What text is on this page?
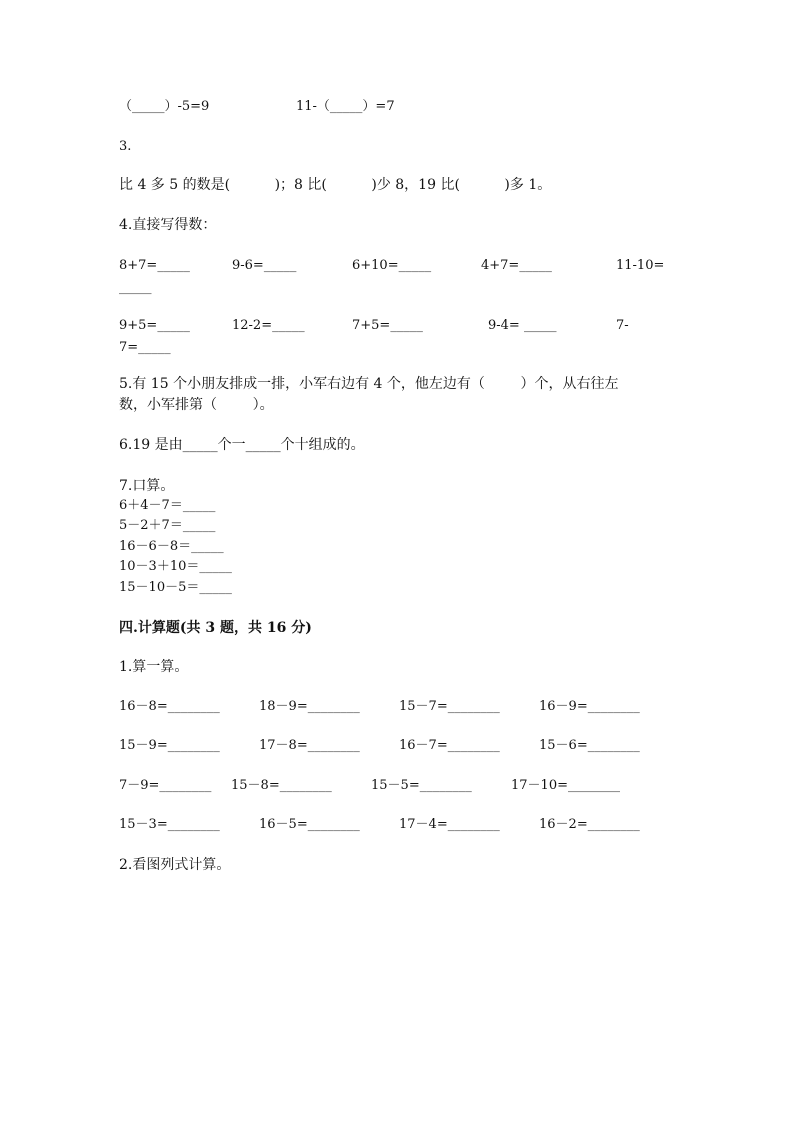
（_____）-5=9	11-（_____）=7
3.
比 4 多 5 的数是(          )；8 比(          )少 8，19 比(          )多 1。
4.直接写得数：
8+7=_____	9-6=_____	6+10=_____	4+7=_____	11-10=
_____
9+5=_____	12-2=_____	7+5=_____	9-4= _____	7-
7=_____
5.有 15 个小朋友排成一排，小军右边有 4 个，他左边有（        ）个，从右往左
数，小军排第（        ）。
6.19 是由_____个一_____个十组成的。
7.口算。
6＋4－7＝_____
5－2＋7＝_____
16－6－8＝_____
10－3＋10＝_____
15－10－5＝_____
四.计算题(共 3 题，共 16 分)
1.算一算。
16－8=________	18－9=________	15－7=________	16－9=________
15－9=________	17－8=________	16－7=________	15－6=________
7－9=________ 15－8=________	15－5=________	17－10=________
15－3=________	16－5=________	17－4=________	16－2=________
2.看图列式计算。
